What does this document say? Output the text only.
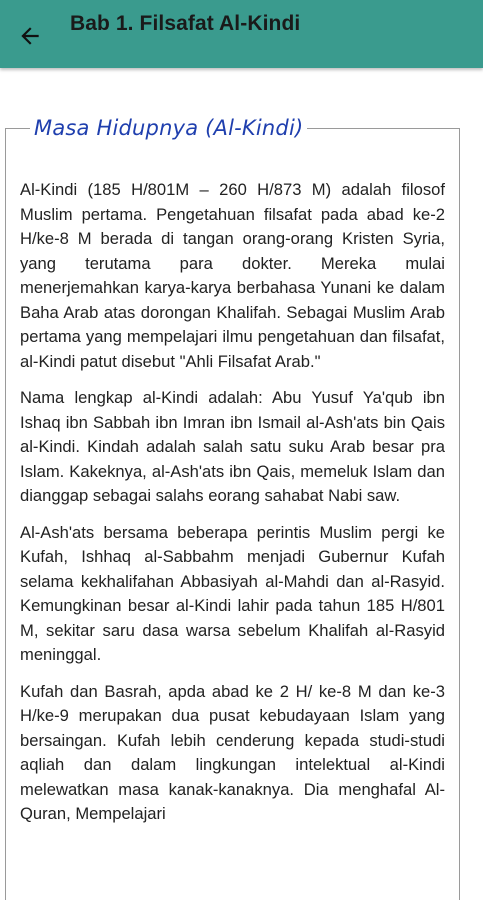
Bab 1. Filsafat Al-Kindi
Masa Hidupnya (Al-Kindi)

Al-Kindi (185 H/801M – 260 H/873 M) adalah filosof Muslim pertama. Pengetahuan filsafat pada abad ke-2 H/ke-8 M berada di tangan orang-orang Kristen Syria, yang terutama para dokter. Mereka mulai menerjemahkan karya-karya berbahasa Yunani ke dalam Baha Arab atas dorongan Khalifah. Sebagai Muslim Arab pertama yang mempelajari ilmu pengetahuan dan filsafat, al-Kindi patut disebut "Ahli Filsafat Arab."

Nama lengkap al-Kindi adalah: Abu Yusuf Ya'qub ibn Ishaq ibn Sabbah ibn Imran ibn Ismail al-Ash'ats bin Qais al-Kindi. Kindah adalah salah satu suku Arab besar pra Islam. Kakeknya, al-Ash'ats ibn Qais, memeluk Islam dan dianggap sebagai salahs eorang sahabat Nabi saw.

Al-Ash'ats bersama beberapa perintis Muslim pergi ke Kufah, Ishhaq al-Sabbahm menjadi Gubernur Kufah selama kekhalifahan Abbasiyah al-Mahdi dan al-Rasyid. Kemungkinan besar al-Kindi lahir pada tahun 185 H/801 M, sekitar saru dasa warsa sebelum Khalifah al-Rasyid meninggal.

Kufah dan Basrah, apda abad ke 2 H/ ke-8 M dan ke-3 H/ke-9 merupakan dua pusat kebudayaan Islam yang bersaingan. Kufah lebih cenderung kepada studi-studi aqliah dan dalam lingkungan intelektual al-Kindi melewatkan masa kanak-kanaknya. Dia menghafal Al-Quran, Mempelajari
